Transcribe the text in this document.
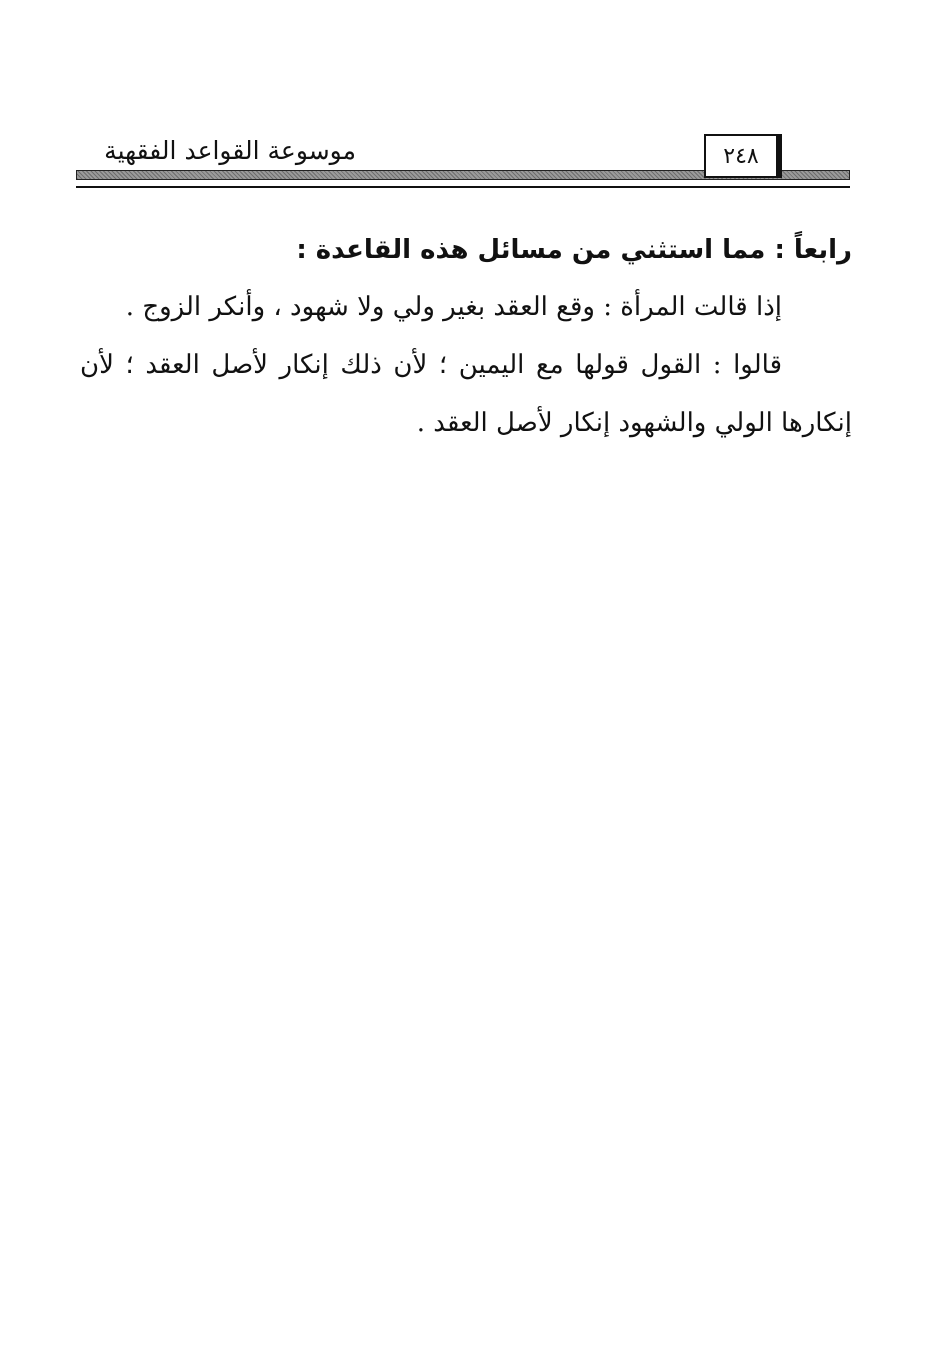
موسوعة القواعد الفقهية	٢٤٨
رابعاً : مما استثني من مسائل هذه القاعدة :

إذا قالت المرأة : وقع العقد بغير ولي ولا شهود ، وأنكر الزوج .

قالوا : القول قولها مع اليمين ؛ لأن ذلك إنكار لأصل العقد ؛ لأن إنكارها الولي والشهود إنكار لأصل العقد .
